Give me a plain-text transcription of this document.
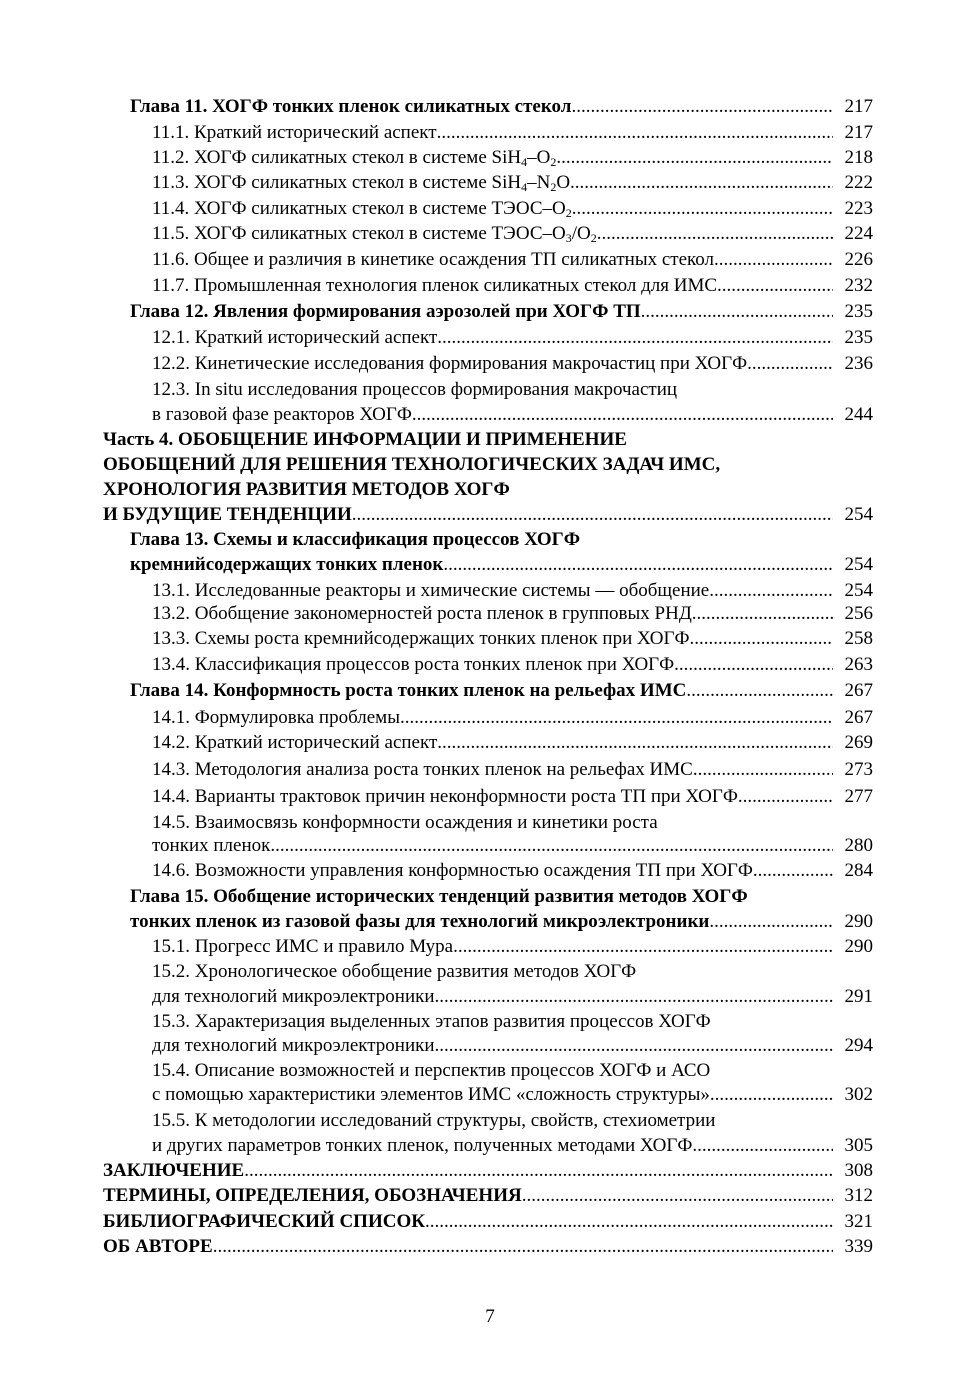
Глава 11. ХОГФ тонких пленок силикатных стекол .....	217
11.1. Краткий исторический аспект .....	217
11.2. ХОГФ силикатных стекол в системе $SiH_4-O_2$ .....	218
11.3. ХОГФ силикатных стекол в системе $SiH_4-N_2O$ .....	222
11.4. ХОГФ силикатных стекол в системе ТЭОС–$O_2$ .....	223
11.5. ХОГФ силикатных стекол в системе ТЭОС–$O_3/O_2$ .....	224
11.6. Общее и различия в кинетике осаждения ТП силикатных стекол .....	226
11.7. Промышленная технология пленок силикатных стекол для ИМС .....	232
Глава 12. Явления формирования аэрозолей при ХОГФ ТП .....	235
12.1. Краткий исторический аспект .....	235
12.2. Кинетические исследования формирования макрочастиц при ХОГФ .....	236
12.3. In situ исследования процессов формирования макрочастиц
в газовой фазе реакторов ХОГФ .....	244
Часть 4. ОБОБЩЕНИЕ ИНФОРМАЦИИ И ПРИМЕНЕНИЕ
ОБОБЩЕНИЙ ДЛЯ РЕШЕНИЯ ТЕХНОЛОГИЧЕСКИХ ЗАДАЧ ИМС,
ХРОНОЛОГИЯ РАЗВИТИЯ МЕТОДОВ ХОГФ
И БУДУЩИЕ ТЕНДЕНЦИИ .....	254
Глава 13. Схемы и классификация процессов ХОГФ
кремнийсодержащих тонких пленок .....	254
13.1. Исследованные реакторы и химические системы — обобщение .....	254
13.2. Обобщение закономерностей роста пленок в групповых РНД .....	256
13.3. Схемы роста кремнийсодержащих тонких пленок при ХОГФ .....	258
13.4. Классификация процессов роста тонких пленок при ХОГФ .....	263
Глава 14. Конформность роста тонких пленок на рельефах ИМС .....	267
14.1. Формулировка проблемы .....	267
14.2. Краткий исторический аспект .....	269
14.3. Методология анализа роста тонких пленок на рельефах ИМС .....	273
14.4. Варианты трактовок причин неконформности роста ТП при ХОГФ .....	277
14.5. Взаимосвязь конформности осаждения и кинетики роста
тонких пленок .....	280
14.6. Возможности управления конформностью осаждения ТП при ХОГФ .....	284
Глава 15. Обобщение исторических тенденций развития методов ХОГФ
тонких пленок из газовой фазы для технологий микроэлектроники .....	290
15.1. Прогресс ИМС и правило Мура .....	290
15.2. Хронологическое обобщение развития методов ХОГФ
для технологий микроэлектроники .....	291
15.3. Характеризация выделенных этапов развития процессов ХОГФ
для технологий микроэлектроники .....	294
15.4. Описание возможностей и перспектив процессов ХОГФ и АСО
с помощью характеристики элементов ИМС «сложность структуры» .....	302
15.5. К методологии исследований структуры, свойств, стехиометрии
и других параметров тонких пленок, полученных методами ХОГФ .....	305
ЗАКЛЮЧЕНИЕ .....	308
ТЕРМИНЫ, ОПРЕДЕЛЕНИЯ, ОБОЗНАЧЕНИЯ .....	312
БИБЛИОГРАФИЧЕСКИЙ СПИСОК .....	321
ОБ АВТОРЕ .....	339
7
